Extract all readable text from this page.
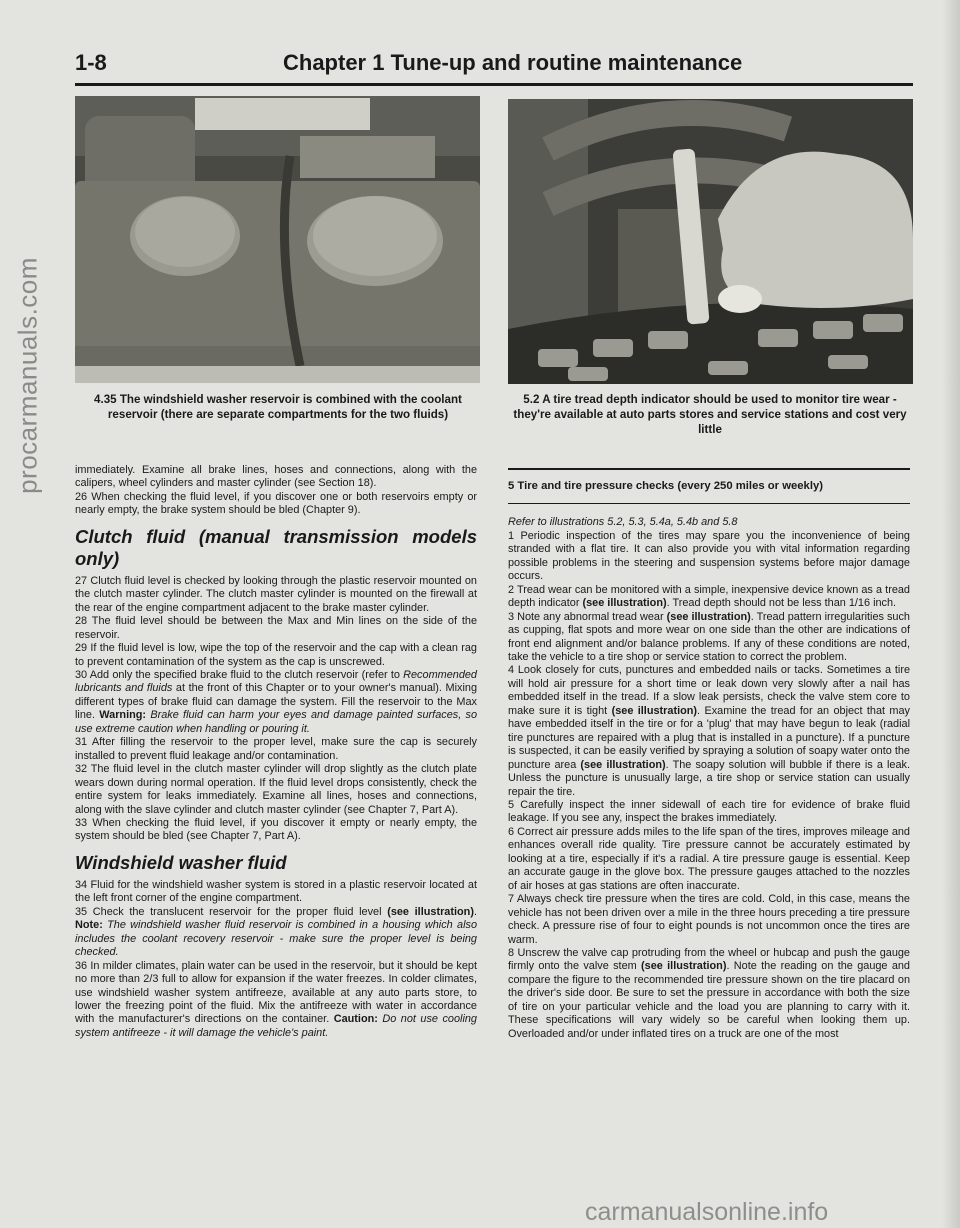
1-8	Chapter 1 Tune-up and routine maintenance
4.35 The windshield washer reservoir is combined with the coolant reservoir (there are separate compartments for the two fluids)
5.2 A tire tread depth indicator should be used to monitor tire wear - they're available at auto parts stores and service stations and cost very little

immediately. Examine all brake lines, hoses and connections, along with the calipers, wheel cylinders and master cylinder (see Section 18).

26 When checking the fluid level, if you discover one or both reservoirs empty or nearly empty, the brake system should be bled (Chapter 9).

Clutch fluid (manual transmission models only)

27 Clutch fluid level is checked by looking through the plastic reservoir mounted on the clutch master cylinder. The clutch master cylinder is mounted on the firewall at the rear of the engine compartment adjacent to the brake master cylinder.

28 The fluid level should be between the Max and Min lines on the side of the reservoir.

29 If the fluid level is low, wipe the top of the reservoir and the cap with a clean rag to prevent contamination of the system as the cap is unscrewed.

30 Add only the specified brake fluid to the clutch reservoir (refer to Recommended lubricants and fluids at the front of this Chapter or to your owner's manual). Mixing different types of brake fluid can damage the system. Fill the reservoir to the Max line. Warning: Brake fluid can harm your eyes and damage painted surfaces, so use extreme caution when handling or pouring it.

31 After filling the reservoir to the proper level, make sure the cap is securely installed to prevent fluid leakage and/or contamination.

32 The fluid level in the clutch master cylinder will drop slightly as the clutch plate wears down during normal operation. If the fluid level drops consistently, check the entire system for leaks immediately. Examine all lines, hoses and connections, along with the slave cylinder and clutch master cylinder (see Chapter 7, Part A).

33 When checking the fluid level, if you discover it empty or nearly empty, the system should be bled (see Chapter 7, Part A).

Windshield washer fluid

34 Fluid for the windshield washer system is stored in a plastic reservoir located at the left front corner of the engine compartment.

35 Check the translucent reservoir for the proper fluid level (see illustration). Note: The windshield washer fluid reservoir is combined in a housing which also includes the coolant recovery reservoir - make sure the proper level is being checked.

36 In milder climates, plain water can be used in the reservoir, but it should be kept no more than 2/3 full to allow for expansion if the water freezes. In colder climates, use windshield washer system antifreeze, available at any auto parts store, to lower the freezing point of the fluid. Mix the antifreeze with water in accordance with the manufacturer's directions on the container. Caution: Do not use cooling system antifreeze - it will damage the vehicle's paint.

5 Tire and tire pressure checks (every 250 miles or weekly)

Refer to illustrations 5.2, 5.3, 5.4a, 5.4b and 5.8

1 Periodic inspection of the tires may spare you the inconvenience of being stranded with a flat tire. It can also provide you with vital information regarding possible problems in the steering and suspension systems before major damage occurs.

2 Tread wear can be monitored with a simple, inexpensive device known as a tread depth indicator (see illustration). Tread depth should not be less than 1/16 inch.

3 Note any abnormal tread wear (see illustration). Tread pattern irregularities such as cupping, flat spots and more wear on one side than the other are indications of front end alignment and/or balance problems. If any of these conditions are noted, take the vehicle to a tire shop or service station to correct the problem.

4 Look closely for cuts, punctures and embedded nails or tacks. Sometimes a tire will hold air pressure for a short time or leak down very slowly after a nail has embedded itself in the tread. If a slow leak persists, check the valve stem core to make sure it is tight (see illustration). Examine the tread for an object that may have embedded itself in the tire or for a 'plug' that may have begun to leak (radial tire punctures are repaired with a plug that is installed in a puncture). If a puncture is suspected, it can be easily verified by spraying a solution of soapy water onto the puncture area (see illustration). The soapy solution will bubble if there is a leak. Unless the puncture is unusually large, a tire shop or service station can usually repair the tire.

5 Carefully inspect the inner sidewall of each tire for evidence of brake fluid leakage. If you see any, inspect the brakes immediately.

6 Correct air pressure adds miles to the life span of the tires, improves mileage and enhances overall ride quality. Tire pressure cannot be accurately estimated by looking at a tire, especially if it's a radial. A tire pressure gauge is essential. Keep an accurate gauge in the glove box. The pressure gauges attached to the nozzles of air hoses at gas stations are often inaccurate.

7 Always check tire pressure when the tires are cold. Cold, in this case, means the vehicle has not been driven over a mile in the three hours preceding a tire pressure check. A pressure rise of four to eight pounds is not uncommon once the tires are warm.

8 Unscrew the valve cap protruding from the wheel or hubcap and push the gauge firmly onto the valve stem (see illustration). Note the reading on the gauge and compare the figure to the recommended tire pressure shown on the tire placard on the driver's side door. Be sure to set the pressure in accordance with both the size of tire on your particular vehicle and the load you are planning to carry with it. These specifications will vary widely so be careful when looking them up. Overloaded and/or under inflated tires on a truck are one of the most

procarmanuals.com
carmanualsonline.info
